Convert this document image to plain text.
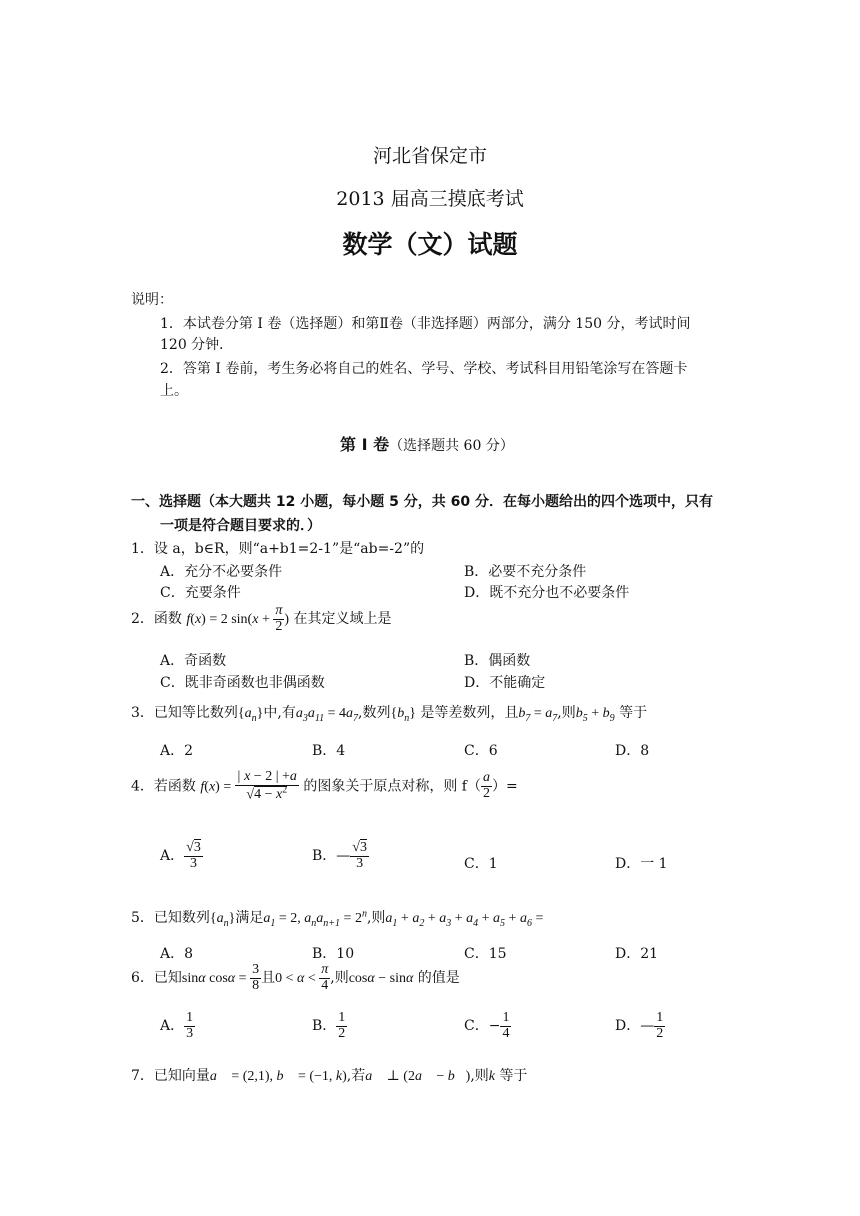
河北省保定市
2013 届高三摸底考试
数学（文）试题
说明：
1．本试卷分第 I 卷（选择题）和第Ⅱ卷（非选择题）两部分，满分 150 分，考试时间
120 分钟．
2．答第 I 卷前，考生务必将自己的姓名、学号、学校、考试科目用铅笔涂写在答题卡
上。
第 Ⅰ 卷（选择题共 60 分）
一、选择题（本大题共 12 小题，每小题 5 分，共 60 分．在每小题给出的四个选项中，只有
一项是符合题目要求的．）
1．设 a，b∈R，则“a+b1=2-1”是“ab=-2”的
A．充分不必要条件	B．必要不充分条件
C．充要条件	D．既不充分也不必要条件
2．函数 f(x) = 2 $\sin(x + \frac{\pi}{2}$ ) 在其定义域上是
A．奇函数	B．偶函数
C．既非奇函数也非偶函数	D．不能确定
3．已知等比数列$\{a_n\}$中,有$a_3a_{11} = 4a_7$,数列$\{b_n\}$ 是等差数列，且$b_7 = a_7$,则$b_5 + b_9$ 等于
A．2	B．4	C．6	D．8
4．若函数 $f(x) = \frac{| x - 2 | +a}{√4 - x^2}$ 的图象关于原点对称，则 $f( \frac{a}{2}$ ）=
A． $\frac{√3}{3}$	B．— $\frac{√3}{3}$	C．1	D．一 1
5．已知数列$\{a_n\}$满足$a_1 = 2$, $a_na_{n+1} = 2^n$,则$a_1 + a_2 + a_3 + a_4 + a_5 + a_6$ =
A．8	B．10	C．15	D．21
6．已知sinα $\cos\alpha = \frac{3}{8}$ 且$0 < \alpha < \frac{\pi}{4}$ ,则cosα − sinα 的值是
A． $\frac{1}{3}$	B． $\frac{1}{2}$	C．− $\frac{1}{4}$	D．— $\frac{1}{2}$
7．已知向量a⃗ = (2,1), b⃗ = (−1, k),若a⃗ ⊥ (2a⃗ − b⃗),则k 等于
